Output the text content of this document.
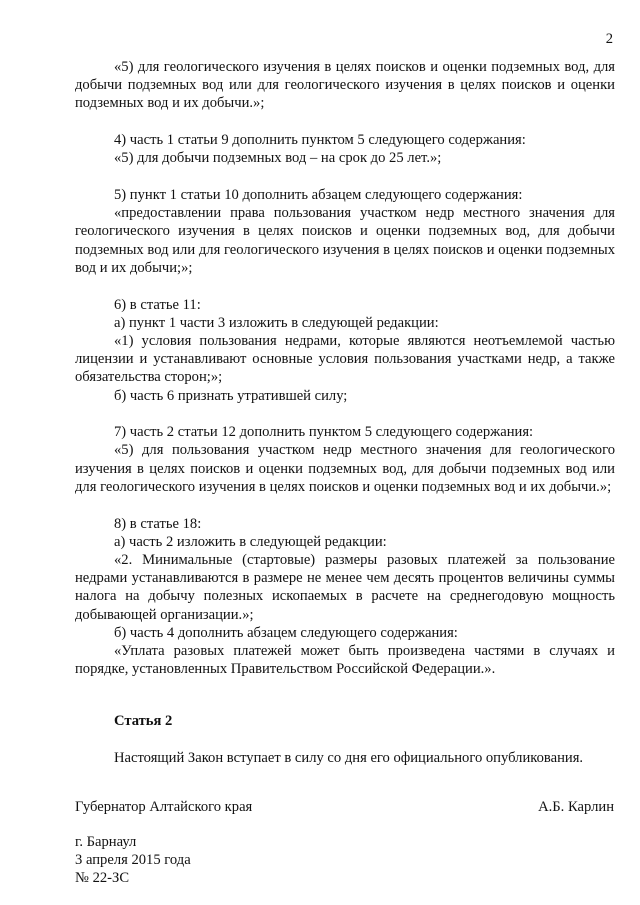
2

«5) для геологического изучения в целях поисков и оценки подземных вод, для добычи подземных вод или для геологического изучения в целях поисков и оценки подземных вод и их добычи.»;

4) часть 1 статьи 9 дополнить пунктом 5 следующего содержания:

«5) для добычи подземных вод – на срок до 25 лет.»;

5) пункт 1 статьи 10 дополнить абзацем следующего содержания:

«предоставлении права пользования участком недр местного значения для геологического изучения в целях поисков и оценки подземных вод, для добычи подземных вод или для геологического изучения в целях поисков и оценки подземных вод и их добычи;»;

6) в статье 11:

а) пункт 1 части 3 изложить в следующей редакции:

«1) условия пользования недрами, которые являются неотъемлемой частью лицензии и устанавливают основные условия пользования участками недр, а также обязательства сторон;»;

б) часть 6 признать утратившей силу;

7) часть 2 статьи 12 дополнить пунктом 5 следующего содержания:

«5) для пользования участком недр местного значения для геологического изучения в целях поисков и оценки подземных вод, для добычи подземных вод или для геологического изучения в целях поисков и оценки подземных вод и их добычи.»;

8) в статье 18:

а) часть 2 изложить в следующей редакции:

«2. Минимальные (стартовые) размеры разовых платежей за пользование недрами устанавливаются в размере не менее чем десять процентов величины суммы налога на добычу полезных ископаемых в расчете на среднегодовую мощность добывающей организации.»;

б) часть 4 дополнить абзацем следующего содержания:

«Уплата разовых платежей может быть произведена частями в случаях и порядке, установленных Правительством Российской Федерации.».

Статья 2

Настоящий Закон вступает в силу со дня его официального опубликования.

Губернатор Алтайского края	А.Б. Карлин
г. Барнаул
3 апреля 2015 года
№ 22-ЗС
